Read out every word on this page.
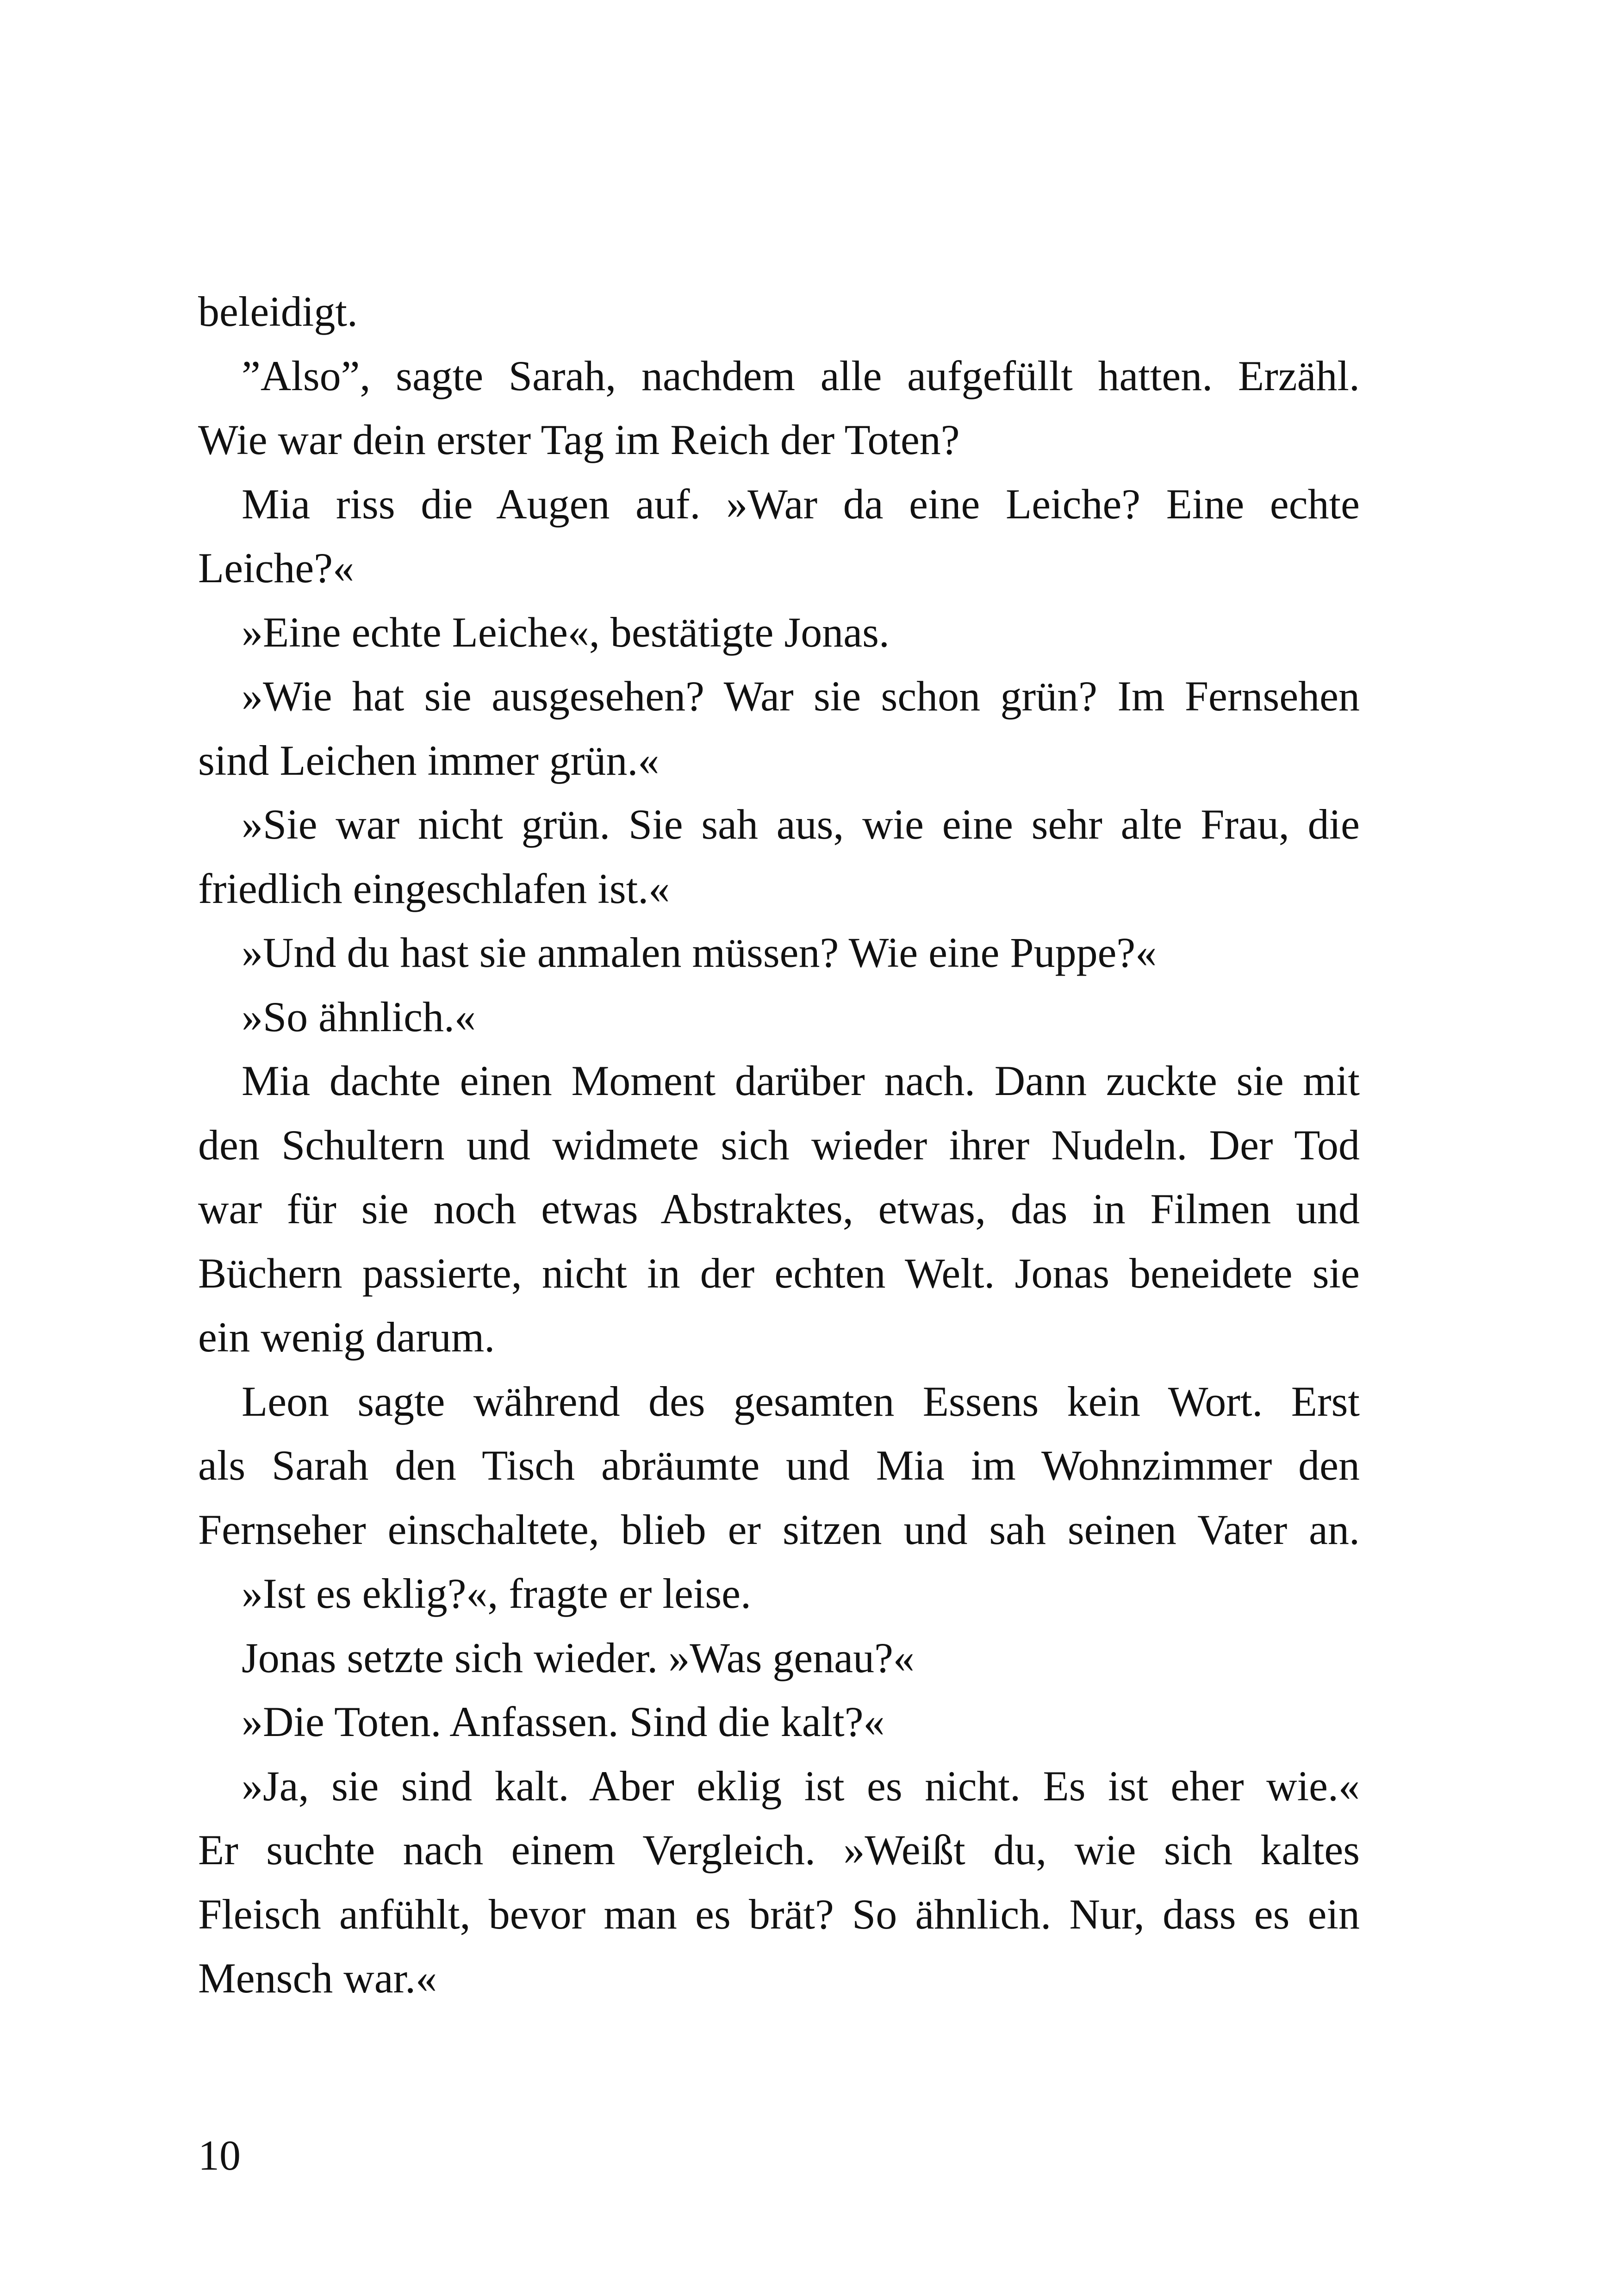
beleidigt.
”Also”, sagte Sarah, nachdem alle aufgefüllt hatten. Erzähl.
Wie war dein erster Tag im Reich der Toten?
Mia riss die Augen auf. »War da eine Leiche? Eine echte
Leiche?«
»Eine echte Leiche«, bestätigte Jonas.
»Wie hat sie ausgesehen? War sie schon grün? Im Fernsehen
sind Leichen immer grün.«
»Sie war nicht grün. Sie sah aus, wie eine sehr alte Frau, die
friedlich eingeschlafen ist.«
»Und du hast sie anmalen müssen? Wie eine Puppe?«
»So ähnlich.«
Mia dachte einen Moment darüber nach. Dann zuckte sie mit
den Schultern und widmete sich wieder ihrer Nudeln. Der Tod
war für sie noch etwas Abstraktes, etwas, das in Filmen und
Büchern passierte, nicht in der echten Welt. Jonas beneidete sie
ein wenig darum.
Leon sagte während des gesamten Essens kein Wort. Erst
als Sarah den Tisch abräumte und Mia im Wohnzimmer den
Fernseher einschaltete, blieb er sitzen und sah seinen Vater an.
»Ist es eklig?«, fragte er leise.
Jonas setzte sich wieder. »Was genau?«
»Die Toten. Anfassen. Sind die kalt?«
»Ja, sie sind kalt. Aber eklig ist es nicht. Es ist eher wie.«
Er suchte nach einem Vergleich. »Weißt du, wie sich kaltes
Fleisch anfühlt, bevor man es brät? So ähnlich. Nur, dass es ein
Mensch war.«
10
